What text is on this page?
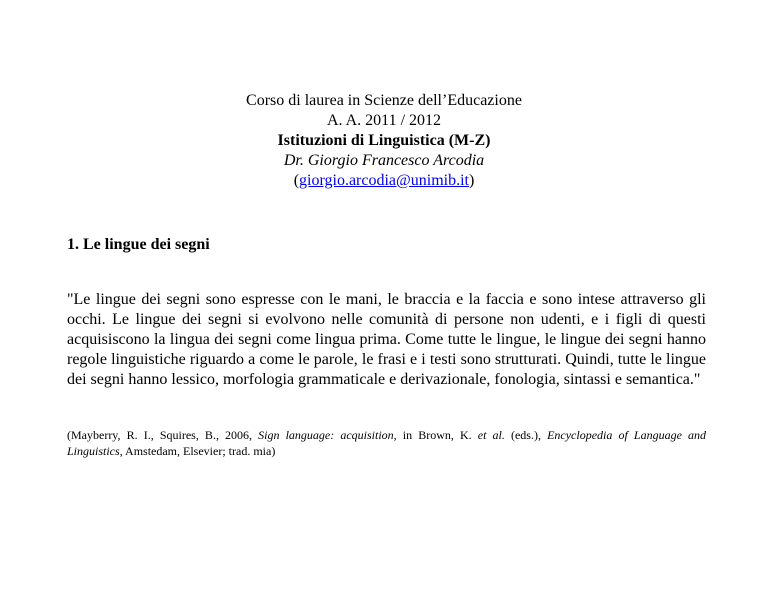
Corso di laurea in Scienze dell’Educazione
A. A. 2011 / 2012
Istituzioni di Linguistica (M-Z)
Dr. Giorgio Francesco Arcodia
(giorgio.arcodia@unimib.it)

1. Le lingue dei segni

"Le lingue dei segni sono espresse con le mani, le braccia e la faccia e sono intese attraverso gli occhi. Le lingue dei segni si evolvono nelle comunità di persone non udenti, e i figli di questi acquisiscono la lingua dei segni come lingua prima. Come tutte le lingue, le lingue dei segni hanno regole linguistiche riguardo a come le parole, le frasi e i testi sono strutturati. Quindi, tutte le lingue dei segni hanno lessico, morfologia grammaticale e derivazionale, fonologia, sintassi e semantica."

(Mayberry, R. I., Squires, B., 2006, Sign language: acquisition, in Brown, K. et al. (eds.), Encyclopedia of Language and Linguistics, Amstedam, Elsevier; trad. mia)
